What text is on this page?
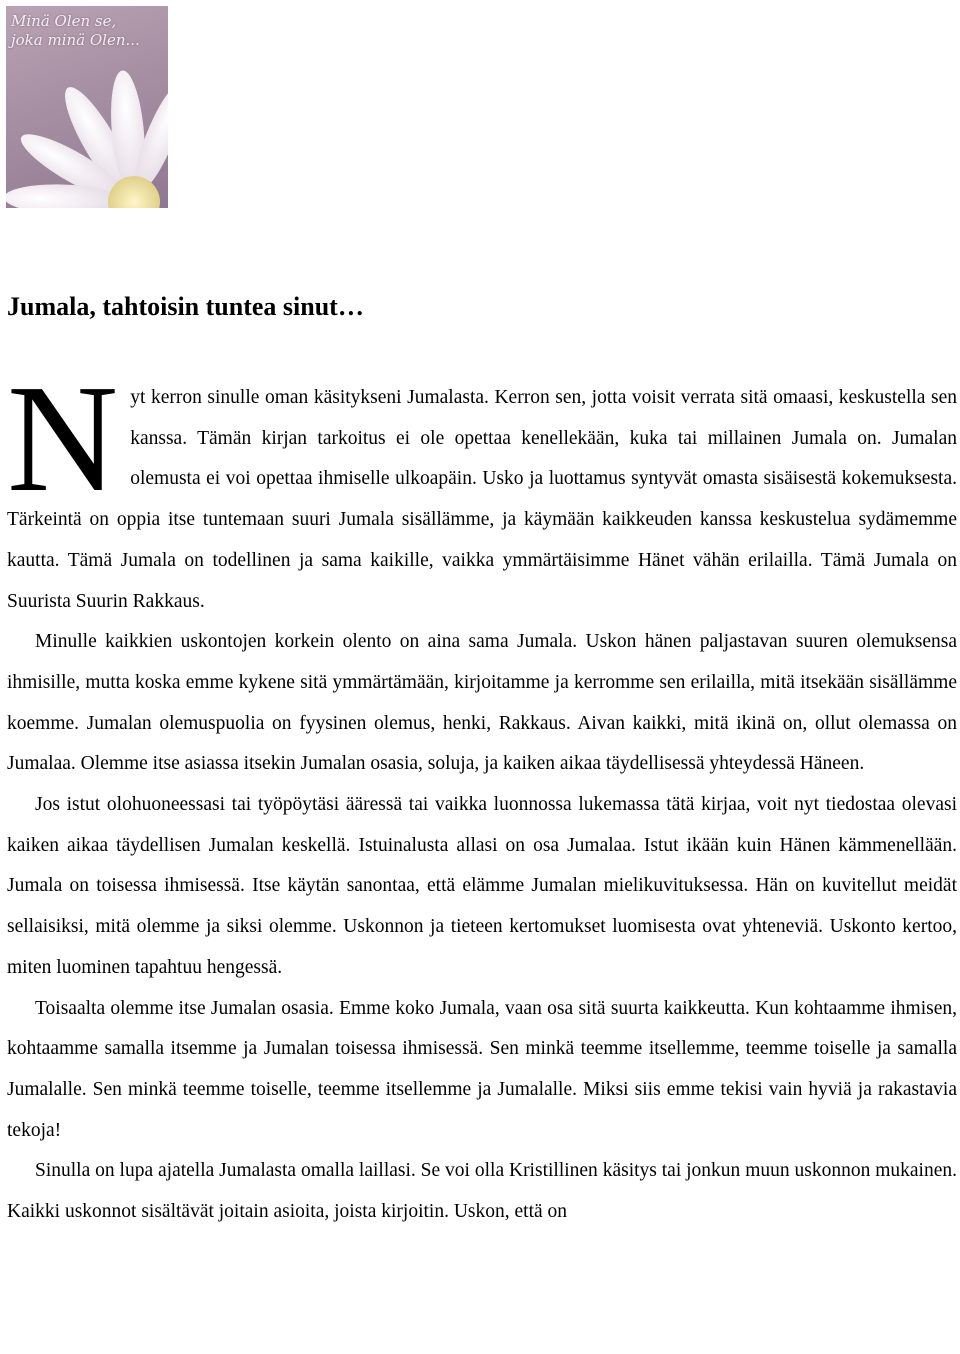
Minä Olen se,
joka minä Olen...
Jumala, tahtoisin tuntea sinut…

N yt kerron sinulle oman käsitykseni Jumalasta. Kerron sen, jotta voisit verrata sitä omaasi, keskustella sen kanssa. Tämän kirjan tarkoitus ei ole opettaa kenellekään, kuka tai millainen Jumala on. Jumalan olemusta ei voi opettaa ihmiselle ulkoapäin. Usko ja luottamus syntyvät omasta sisäisestä kokemuksesta. Tärkeintä on oppia itse tuntemaan suuri Jumala sisällämme, ja käymään kaikkeuden kanssa keskustelua sydämemme kautta. Tämä Jumala on todellinen ja sama kaikille, vaikka ymmärtäisimme Hänet vähän erilailla. Tämä Jumala on Suurista Suurin Rakkaus.

Minulle kaikkien uskontojen korkein olento on aina sama Jumala. Uskon hänen paljastavan suuren olemuksensa ihmisille, mutta koska emme kykene sitä ymmärtämään, kirjoitamme ja kerromme sen erilailla, mitä itsekään sisällämme koemme. Jumalan olemuspuolia on fyysinen olemus, henki, Rakkaus. Aivan kaikki, mitä ikinä on, ollut olemassa on Jumalaa. Olemme itse asiassa itsekin Jumalan osasia, soluja, ja kaiken aikaa täydellisessä yhteydessä Häneen.

Jos istut olohuoneessasi tai työpöytäsi ääressä tai vaikka luonnossa lukemassa tätä kirjaa, voit nyt tiedostaa olevasi kaiken aikaa täydellisen Jumalan keskellä. Istuinalusta allasi on osa Jumalaa. Istut ikään kuin Hänen kämmenellään. Jumala on toisessa ihmisessä. Itse käytän sanontaa, että elämme Jumalan mielikuvituksessa. Hän on kuvitellut meidät sellaisiksi, mitä olemme ja siksi olemme. Uskonnon ja tieteen kertomukset luomisesta ovat yhteneviä. Uskonto kertoo, miten luominen tapahtuu hengessä.

Toisaalta olemme itse Jumalan osasia. Emme koko Jumala, vaan osa sitä suurta kaikkeutta. Kun kohtaamme ihmisen, kohtaamme samalla itsemme ja Jumalan toisessa ihmisessä. Sen minkä teemme itsellemme, teemme toiselle ja samalla Jumalalle. Sen minkä teemme toiselle, teemme itsellemme ja Jumalalle. Miksi siis emme tekisi vain hyviä ja rakastavia tekoja!

Sinulla on lupa ajatella Jumalasta omalla laillasi. Se voi olla Kristillinen käsitys tai jonkun muun uskonnon mukainen. Kaikki uskonnot sisältävät joitain asioita, joista kirjoitin. Uskon, että on
